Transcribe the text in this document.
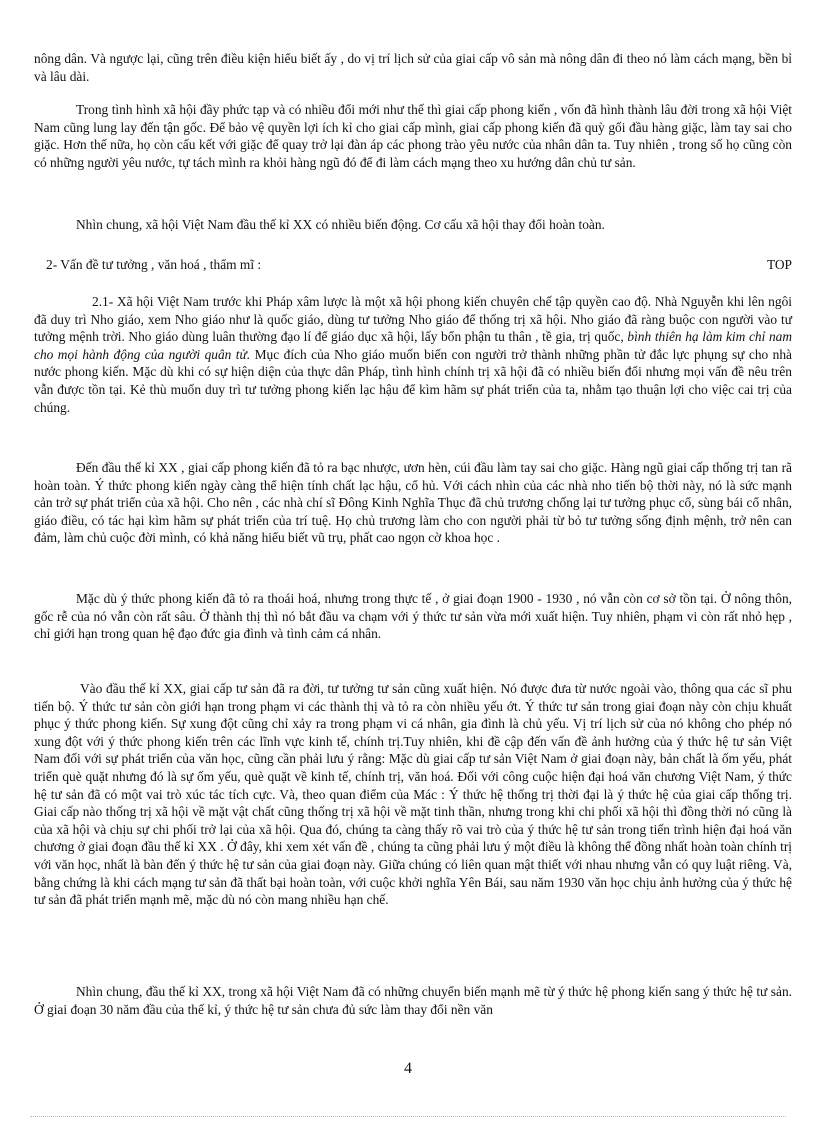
nông dân. Và ngược lại, cũng trên điều kiện hiểu biết ấy , do vị trí lịch sử của giai cấp vô sản mà nông dân đi theo nó làm cách mạng, bền bỉ và lâu dài.

Trong tình hình xã hội đầy phức tạp và có nhiều đổi mới như thế thì giai cấp phong kiến , vốn đã hình thành lâu đời trong xã hội Việt Nam cũng lung lay đến tận gốc. Để bảo vệ quyền lợi ích kỉ cho giai cấp mình, giai cấp phong kiến đã quỳ gối đầu hàng giặc, làm tay sai cho giặc. Hơn thế nữa, họ còn cấu kết với giặc để quay trở lại đàn áp các phong trào yêu nước của nhân dân ta. Tuy nhiên , trong số họ cũng còn có những người yêu nước, tự tách mình ra khỏi hàng ngũ đó để đi làm cách mạng theo xu hướng dân chủ tư sản.

Nhìn chung, xã hội Việt Nam đầu thế kỉ XX có nhiều biến động. Cơ cấu xã hội thay đổi hoàn toàn.

2- Vấn đề tư tưởng , văn hoá , thẩm mĩ :	TOP

2.1- Xã hội Việt Nam trước khi Pháp xâm lược là một xã hội phong kiến chuyên chế tập quyền cao độ. Nhà Nguyễn khi lên ngôi đã duy trì Nho giáo, xem Nho giáo như là quốc giáo, dùng tư tưởng Nho giáo để thống trị xã hội. Nho giáo đã ràng buộc con người vào tư tưởng mệnh trời. Nho giáo dùng luân thường đạo lí để giáo dục xã hội, lấy bổn phận tu thân , tề gia, trị quốc, bình thiên hạ làm kim chỉ nam cho mọi hành động của người quân tử. Mục đích của Nho giáo muốn biến con người trở thành những phần tử đắc lực phụng sự cho nhà nước phong kiến. Mặc dù khi có sự hiện diện của thực dân Pháp, tình hình chính trị xã hội đã có nhiều biến đổi nhưng mọi vấn đề nêu trên vẫn được tồn tại. Kẻ thù muốn duy trì tư tưởng phong kiến lạc hậu để kìm hãm sự phát triển của ta, nhằm tạo thuận lợi cho việc cai trị của chúng.

Đến đầu thế kỉ XX , giai cấp phong kiến đã tỏ ra bạc nhược, ươn hèn, cúi đầu làm tay sai cho giặc. Hàng ngũ giai cấp thống trị tan rã hoàn toàn. Ý thức phong kiến ngày càng thể hiện tính chất lạc hậu, cổ hủ. Với cách nhìn của các nhà nho tiến bộ thời này, nó là sức mạnh cản trở sự phát triển của xã hội. Cho nên , các nhà chí sĩ Đông Kinh Nghĩa Thục đã chủ trương chống lại tư tưởng phục cổ, sùng bái cổ nhân, giáo điều, có tác hại kìm hãm sự phát triển của trí tuệ. Họ chủ trương làm cho con người phải từ bỏ tư tưởng sống định mệnh, trở nên can đảm, làm chủ cuộc đời mình, có khả năng hiểu biết vũ trụ, phất cao ngọn cờ khoa học .

Mặc dù ý thức phong kiến đã tỏ ra thoái hoá, nhưng trong thực tế , ở giai đoạn 1900 - 1930 , nó vẫn còn cơ sở tồn tại. Ở nông thôn, gốc rễ của nó vẫn còn rất sâu. Ở thành thị thì nó bắt đầu va chạm với ý thức tư sản vừa mới xuất hiện. Tuy nhiên, phạm vi còn rất nhỏ hẹp , chỉ giới hạn trong quan hệ đạo đức gia đình và tình cảm cá nhân.

Vào đầu thế kỉ XX, giai cấp tư sản đã ra đời, tư tưởng tư sản cũng xuất hiện. Nó được đưa từ nước ngoài vào, thông qua các sĩ phu tiến bộ. Ý thức tư sản còn giới hạn trong phạm vi các thành thị và tỏ ra còn nhiều yếu ớt. Ý thức tư sản trong giai đoạn này còn chịu khuất phục ý thức phong kiến. Sự xung đột cũng chỉ xảy ra trong phạm vi cá nhân, gia đình là chủ yếu. Vị trí lịch sử của nó không cho phép nó xung đột với ý thức phong kiến trên các lĩnh vực kinh tế, chính trị.Tuy nhiên, khi đề cập đến vấn đề ảnh hưởng của ý thức hệ tư sản Việt Nam đối với sự phát triển của văn học, cũng cần phải lưu ý rằng: Mặc dù giai cấp tư sản Việt Nam ở giai đoạn này, bản chất là ốm yếu, phát triển què quặt nhưng đó là sự ốm yếu, què quặt về kinh tế, chính trị, văn hoá. Đối với công cuộc hiện đại hoá văn chương Việt Nam, ý thức hệ tư sản đã có một vai trò xúc tác tích cực. Và, theo quan điểm của Mác : Ý thức hệ thống trị thời đại là ý thức hệ của giai cấp thống trị. Giai cấp nào thống trị xã hội về mặt vật chất cũng thống trị xã hội về mặt tinh thần, nhưng trong khi chi phối xã hội thì đồng thời nó cũng là của xã hội và chịu sự chi phối trở lại của xã hội. Qua đó, chúng ta càng thấy rõ vai trò của ý thức hệ tư sản trong tiến trình hiện đại hoá văn chương ở giai đoạn đầu thế kỉ XX . Ở đây, khi xem xét vấn đề , chúng ta cũng phải lưu ý một điều là không thể đồng nhất hoàn toàn chính trị với văn học, nhất là bàn đến ý thức hệ tư sản của giai đoạn này. Giữa chúng có liên quan mật thiết với nhau nhưng vẫn có quy luật riêng. Và, bằng chứng là khi cách mạng tư sản đã thất bại hoàn toàn, với cuộc khởi nghĩa Yên Bái, sau năm 1930 văn học chịu ảnh hưởng của ý thức hệ tư sản đã phát triển mạnh mẽ, mặc dù nó còn mang nhiều hạn chế.

Nhìn chung, đầu thế kỉ XX, trong xã hội Việt Nam đã có những chuyển biến mạnh mẽ từ ý thức hệ phong kiến sang ý thức hệ tư sản. Ở giai đoạn 30 năm đầu của thế kỉ, ý thức hệ tư sản chưa đủ sức làm thay đổi nền văn

4
